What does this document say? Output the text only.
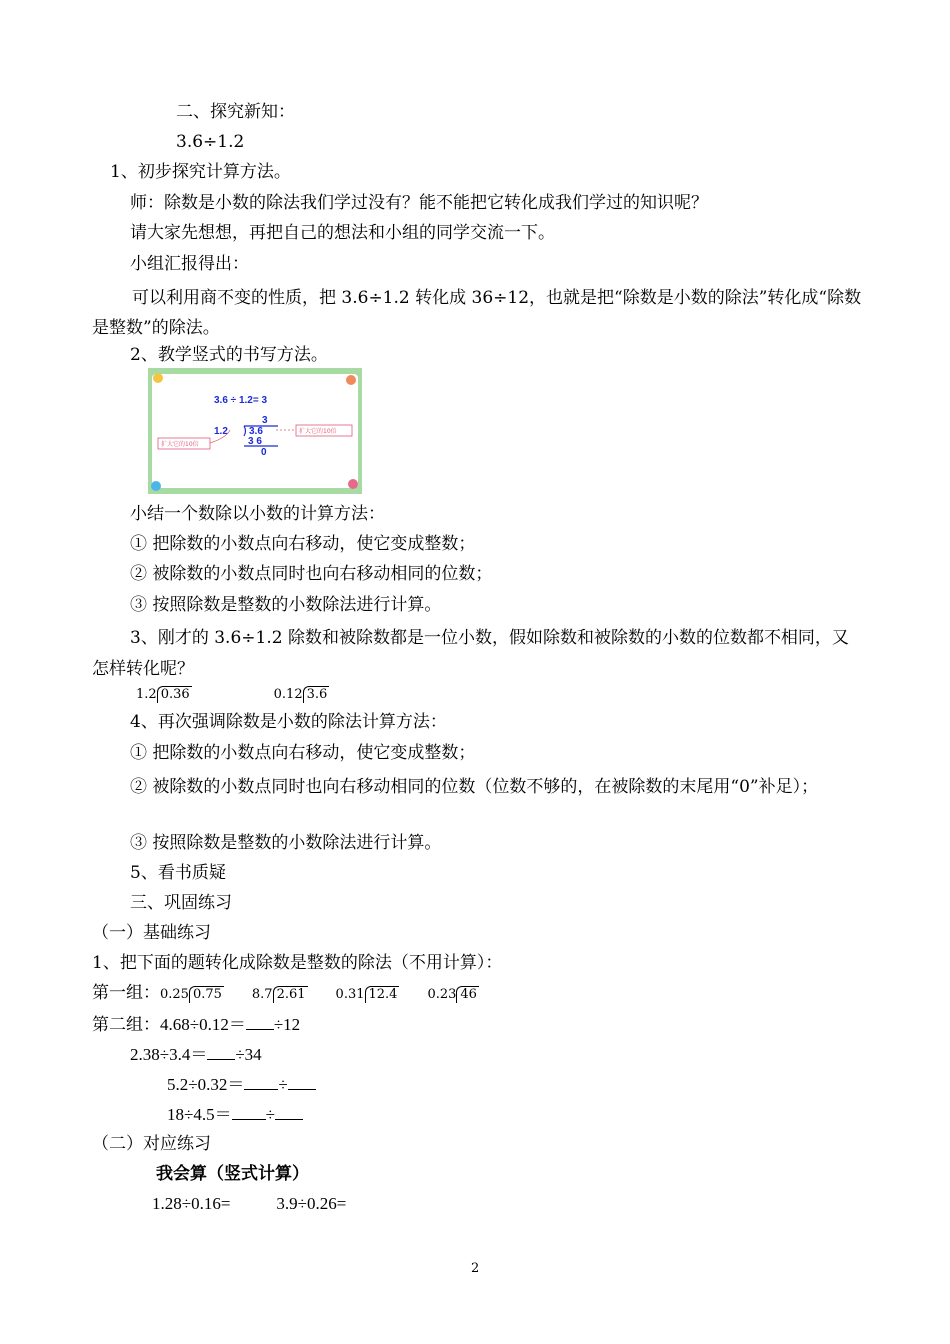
二、探究新知：
3.6÷1.2
1、初步探究计算方法。
师：除数是小数的除法我们学过没有？能不能把它转化成我们学过的知识呢？
请大家先想想，再把自己的想法和小组的同学交流一下。
小组汇报得出：
可以利用商不变的性质，把 3.6÷1.2 转化成 36÷12，也就是把“除数是小数的除法”转化成“除数是整数”的除法。
2、教学竖式的书写方法。
3.6 ÷ 1.2= 3
3
1.2 3.6
3 6
0
扩大它的10倍
扩大它的10倍
小结一个数除以小数的计算方法：
① 把除数的小数点向右移动，使它变成整数；
② 被除数的小数点同时也向右移动相同的位数；
③ 按照除数是整数的小数除法进行计算。
3、刚才的 3.6÷1.2 除数和被除数都是一位小数，假如除数和被除数的小数的位数都不相同，又怎样转化呢？
1.2 0.36	0.12 3.6
4、再次强调除数是小数的除法计算方法：
① 把除数的小数点向右移动，使它变成整数；
② 被除数的小数点同时也向右移动相同的位数（位数不够的，在被除数的末尾用“0”补足）；
③ 按照除数是整数的小数除法进行计算。
5、看书质疑
三、巩固练习
（一）基础练习
1、把下面的题转化成除数是整数的除法（不用计算）：
第一组：0.25 0.75 8.7 2.61 0.31 12.4 0.23 46
第二组：4.68÷0.12＝ ÷12
2.38÷3.4＝ ÷34
5.2÷0.32＝ ÷
18÷4.5＝ ÷
（二）对应练习
我会算（竖式计算）
1.28÷0.16=	3.9÷0.26=
2
